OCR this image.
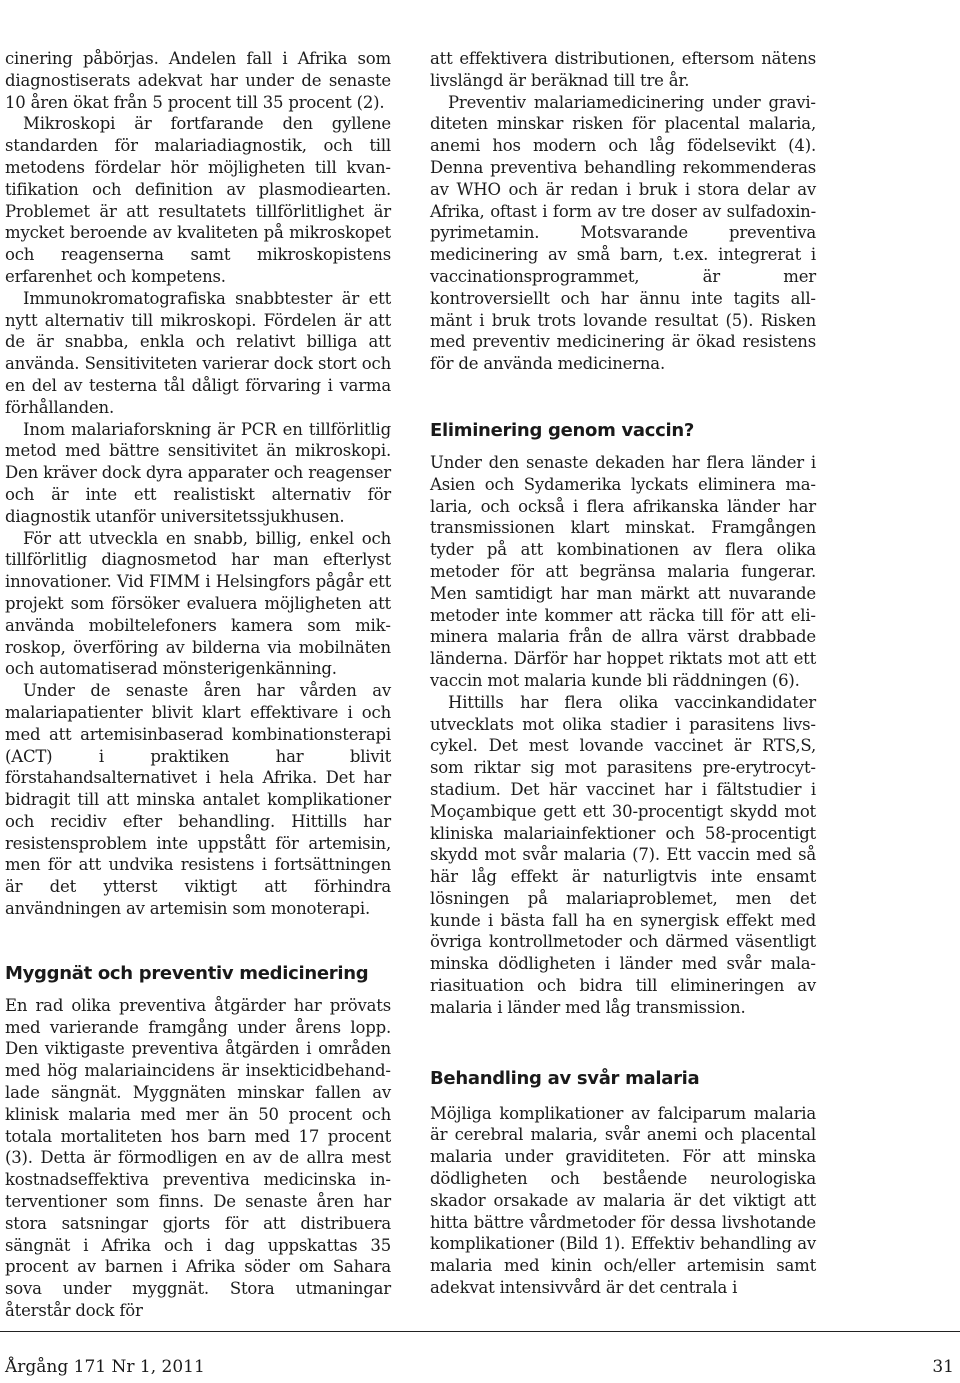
cinering påbörjas. Andelen fall i Afrika som diagnostiserats adekvat har under de senaste 10 åren ökat från 5 procent till 35 procent (2).

Mikroskopi är fortfarande den gyllene standarden för malariadiagnostik, och till metodens fördelar hör möjligheten till kvantifikation och definition av plasmodiearten. Problemet är att resultatets tillförlitlighet är mycket beroende av kvaliteten på mikroskopet och reagenserna samt mikroskopistens erfarenhet och kompetens.

Immunokromatografiska snabbtester är ett nytt alternativ till mikroskopi. Fördelen är att de är snabba, enkla och relativt billiga att använda. Sensitiviteten varierar dock stort och en del av testerna tål dåligt förvaring i varma förhållanden.

Inom malariaforskning är PCR en tillförlitlig metod med bättre sensitivitet än mikroskopi. Den kräver dock dyra apparater och reagenser och är inte ett realistiskt alternativ för diagnostik utanför universitetssjukhusen.

För att utveckla en snabb, billig, enkel och tillförlitlig diagnosmetod har man efterlyst innovationer. Vid FIMM i Helsingfors pågår ett projekt som försöker evaluera möjligheten att använda mobiltelefoners kamera som mikroskop, överföring av bilderna via mobilnäten och automatiserad mönsterigenkänning.

Under de senaste åren har vården av malariapatienter blivit klart effektivare i och med att artemisinbaserad kombinationsterapi (ACT) i praktiken har blivit förstahandsalternativet i hela Afrika. Det har bidragit till att minska antalet komplikationer och recidiv efter behandling. Hittills har resistensproblem inte uppstått för artemisin, men för att undvika resistens i fortsättningen är det ytterst viktigt att förhindra användningen av artemisin som monoterapi.

Myggnät och preventiv medicinering

En rad olika preventiva åtgärder har prövats med varierande framgång under årens lopp. Den viktigaste preventiva åtgärden i områden med hög malariaincidens är insekticidbehandlade sängnät. Myggnäten minskar fallen av klinisk malaria med mer än 50 procent och totala mortaliteten hos barn med 17 procent (3). Detta är förmodligen en av de allra mest kostnadseffektiva preventiva medicinska interventioner som finns. De senaste åren har stora satsningar gjorts för att distribuera sängnät i Afrika och i dag uppskattas 35 procent av barnen i Afrika söder om Sahara sova under myggnät. Stora utmaningar återstår dock för

att effektivera distributionen, eftersom nätens livslängd är beräknad till tre år.

Preventiv malariamedicinering under graviditeten minskar risken för placental malaria, anemi hos modern och låg födelsevikt (4). Denna preventiva behandling rekommenderas av WHO och är redan i bruk i stora delar av Afrika, oftast i form av tre doser av sulfadoxin-pyrimetamin. Motsvarande preventiva medicinering av små barn, t.ex. integrerat i vaccinationsprogrammet, är mer kontroversiellt och har ännu inte tagits allmänt i bruk trots lovande resultat (5). Risken med preventiv medicinering är ökad resistens för de använda medicinerna.

Eliminering genom vaccin?

Under den senaste dekaden har flera länder i Asien och Sydamerika lyckats eliminera malaria, och också i flera afrikanska länder har transmissionen klart minskat. Framgången tyder på att kombinationen av flera olika metoder för att begränsa malaria fungerar. Men samtidigt har man märkt att nuvarande metoder inte kommer att räcka till för att eliminera malaria från de allra värst drabbade länderna. Därför har hoppet riktats mot att ett vaccin mot malaria kunde bli räddningen (6).

Hittills har flera olika vaccinkandidater utvecklats mot olika stadier i parasitens livscykel. Det mest lovande vaccinet är RTS,S, som riktar sig mot parasitens pre-erytrocytstadium. Det här vaccinet har i fältstudier i Moçambique gett ett 30-procentigt skydd mot kliniska malariainfektioner och 58-procentigt skydd mot svår malaria (7). Ett vaccin med så här låg effekt är naturligtvis inte ensamt lösningen på malariaproblemet, men det kunde i bästa fall ha en synergisk effekt med övriga kontrollmetoder och därmed väsentligt minska dödligheten i länder med svår malariasituation och bidra till elimineringen av malaria i länder med låg transmission.

Behandling av svår malaria

Möjliga komplikationer av falciparum malaria är cerebral malaria, svår anemi och placental malaria under graviditeten. För att minska dödligheten och bestående neurologiska skador orsakade av malaria är det viktigt att hitta bättre vårdmetoder för dessa livshotande komplikationer (Bild 1). Effektiv behandling av malaria med kinin och/eller artemisin samt adekvat intensivvård är det centrala i

Årgång 171 Nr 1, 2011	31
